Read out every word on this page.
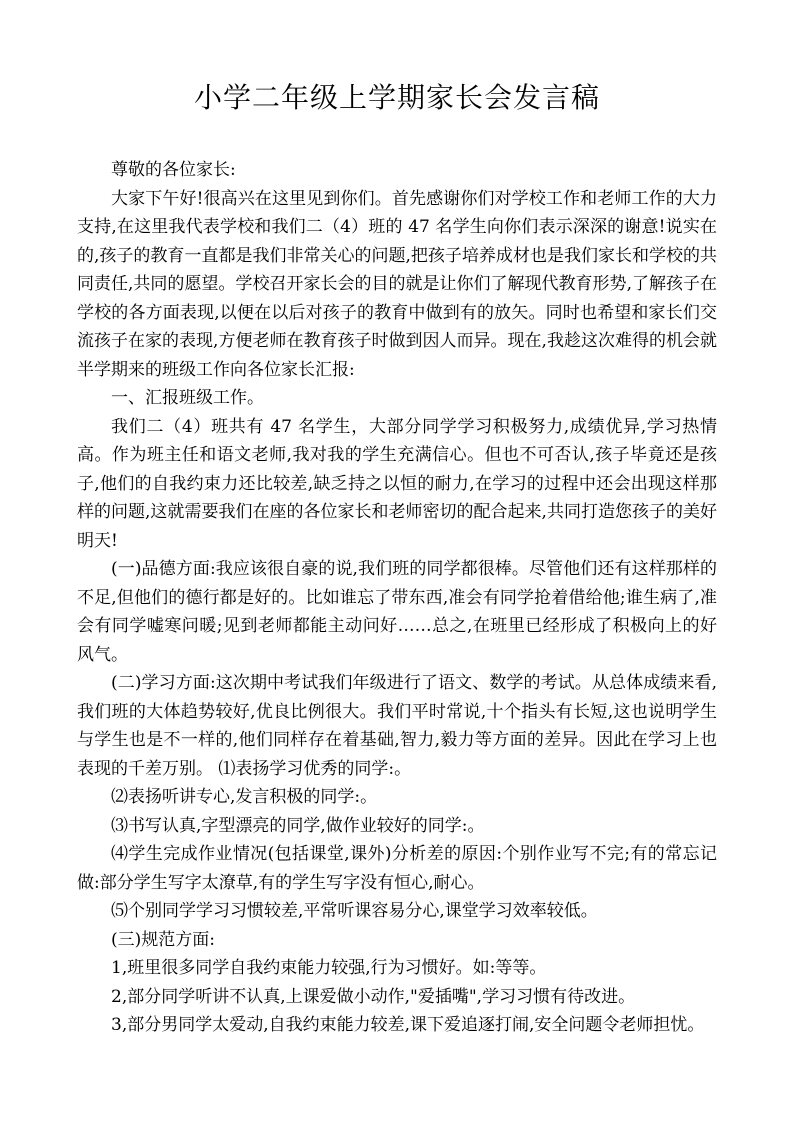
小学二年级上学期家长会发言稿

尊敬的各位家长:

大家下午好!很高兴在这里见到你们。首先感谢你们对学校工作和老师工作的大力支持,在这里我代表学校和我们二（4）班的 47 名学生向你们表示深深的谢意!说实在的,孩子的教育一直都是我们非常关心的问题,把孩子培养成材也是我们家长和学校的共同责任,共同的愿望。学校召开家长会的目的就是让你们了解现代教育形势,了解孩子在学校的各方面表现,以便在以后对孩子的教育中做到有的放矢。同时也希望和家长们交流孩子在家的表现,方便老师在教育孩子时做到因人而异。现在,我趁这次难得的机会就半学期来的班级工作向各位家长汇报:

一、汇报班级工作。

我们二（4）班共有 47 名学生，大部分同学学习积极努力,成绩优异,学习热情高。作为班主任和语文老师,我对我的学生充满信心。但也不可否认,孩子毕竟还是孩子,他们的自我约束力还比较差,缺乏持之以恒的耐力,在学习的过程中还会出现这样那样的问题,这就需要我们在座的各位家长和老师密切的配合起来,共同打造您孩子的美好明天!

(一)品德方面:我应该很自豪的说,我们班的同学都很棒。尽管他们还有这样那样的不足,但他们的德行都是好的。比如谁忘了带东西,准会有同学抢着借给他;谁生病了,准会有同学嘘寒问暖;见到老师都能主动问好……总之,在班里已经形成了积极向上的好风气。

(二)学习方面:这次期中考试我们年级进行了语文、数学的考试。从总体成绩来看,我们班的大体趋势较好,优良比例很大。我们平时常说,十个指头有长短,这也说明学生与学生也是不一样的,他们同样存在着基础,智力,毅力等方面的差异。因此在学习上也表现的千差万别。 ⑴表扬学习优秀的同学:。

⑵表扬听讲专心,发言积极的同学:。

⑶书写认真,字型漂亮的同学,做作业较好的同学:。

⑷学生完成作业情况(包括课堂,课外)分析差的原因:个别作业写不完;有的常忘记做:部分学生写字太潦草,有的学生写字没有恒心,耐心。

⑸个别同学学习习惯较差,平常听课容易分心,课堂学习效率较低。

(三)规范方面:

1,班里很多同学自我约束能力较强,行为习惯好。如:等等。

2,部分同学听讲不认真,上课爱做小动作,"爱插嘴",学习习惯有待改进。

3,部分男同学太爱动,自我约束能力较差,课下爱追逐打闹,安全问题令老师担忧。
